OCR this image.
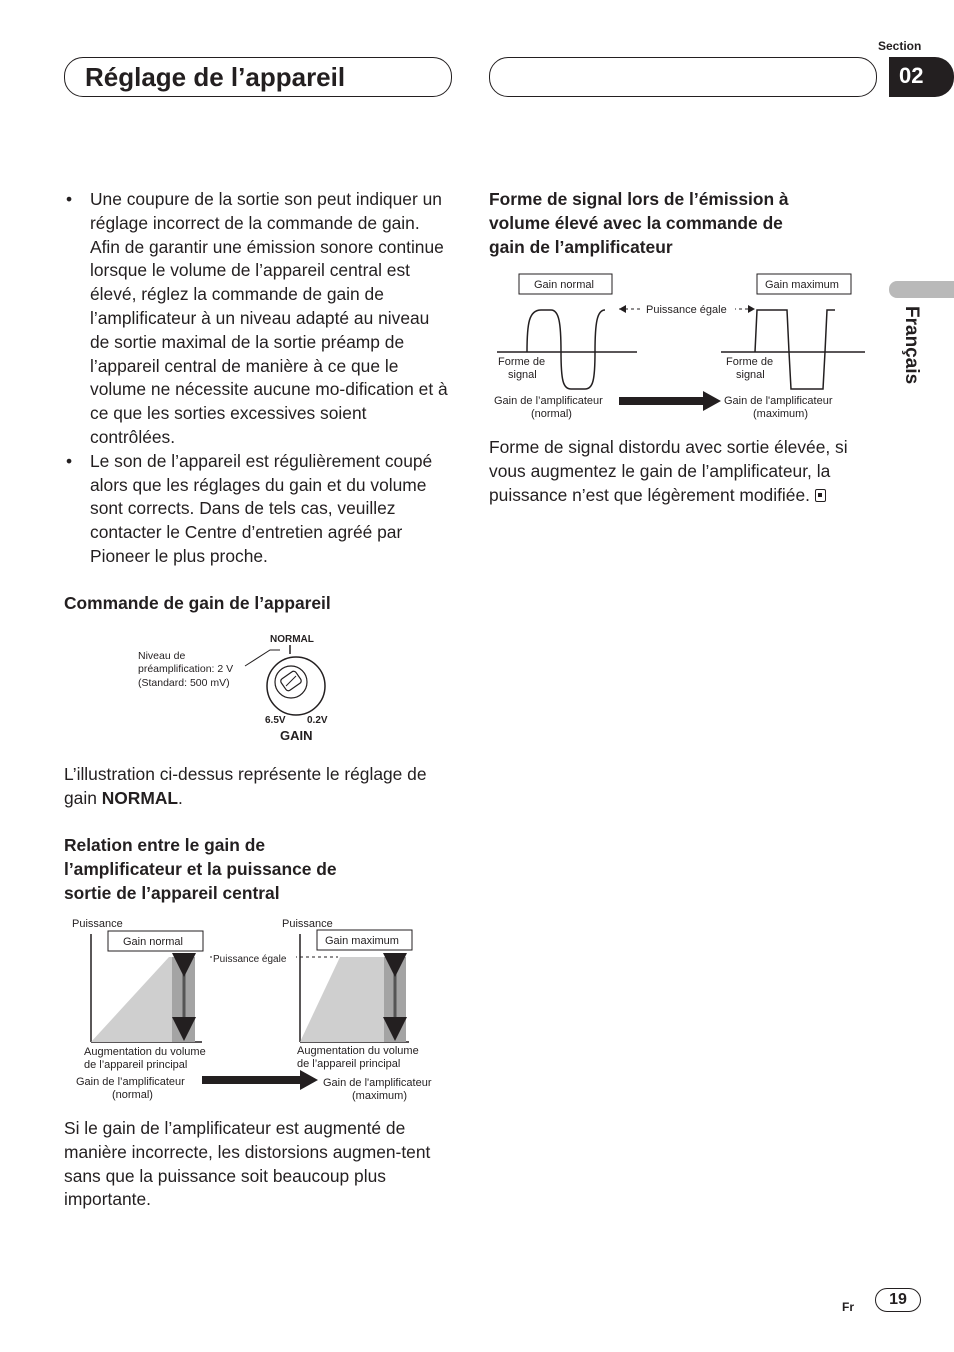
Réglage de l’appareil
Section
02
Français
• Une coupure de la sortie son peut indiquer un réglage incorrect de la commande de gain. Afin de garantir une émission sonore continue lorsque le volume de l’appareil central est élevé, réglez la commande de gain de l’amplificateur à un niveau adapté au niveau de sortie maximal de la sortie préamp de l’appareil central de manière à ce que le volume ne nécessite aucune mo-dification et à ce que les sorties excessives soient contrôlées.
• Le son de l’appareil est régulièrement coupé alors que les réglages du gain et du volume sont corrects. Dans de tels cas, veuillez contacter le Centre d’entretien agréé par Pioneer le plus proche.
Commande de gain de l’appareil
Niveau de
préamplification: 2 V
(Standard: 500 mV)
NORMAL
6.5V 0.2V
GAIN
L’illustration ci-dessus représente le réglage de gain NORMAL.
Relation entre le gain de
l’amplificateur et la puissance de
sortie de l’appareil central
Puissance
Gain normal
Puissance
Gain maximum
Puissance égale
Augmentation du volume
de l’appareil principal
Augmentation du volume
de l’appareil principal
Gain de l’amplificateur
(normal)
Gain de l'amplificateur
(maximum)
Si le gain de l’amplificateur est augmenté de manière incorrecte, les distorsions augmen-tent sans que la puissance soit beaucoup plus importante.
Forme de signal lors de l’émission à
volume élevé avec la commande de
gain de l’amplificateur
Gain normal	Gain maximum
Puissance égale
Forme de
signal
Forme de
signal
Gain de l’amplificateur
(normal)
Gain de l'amplificateur
(maximum)
Forme de signal distordu avec sortie élevée, si vous augmentez le gain de l’amplificateur, la puissance n’est que légèrement modifiée.
Fr	19
